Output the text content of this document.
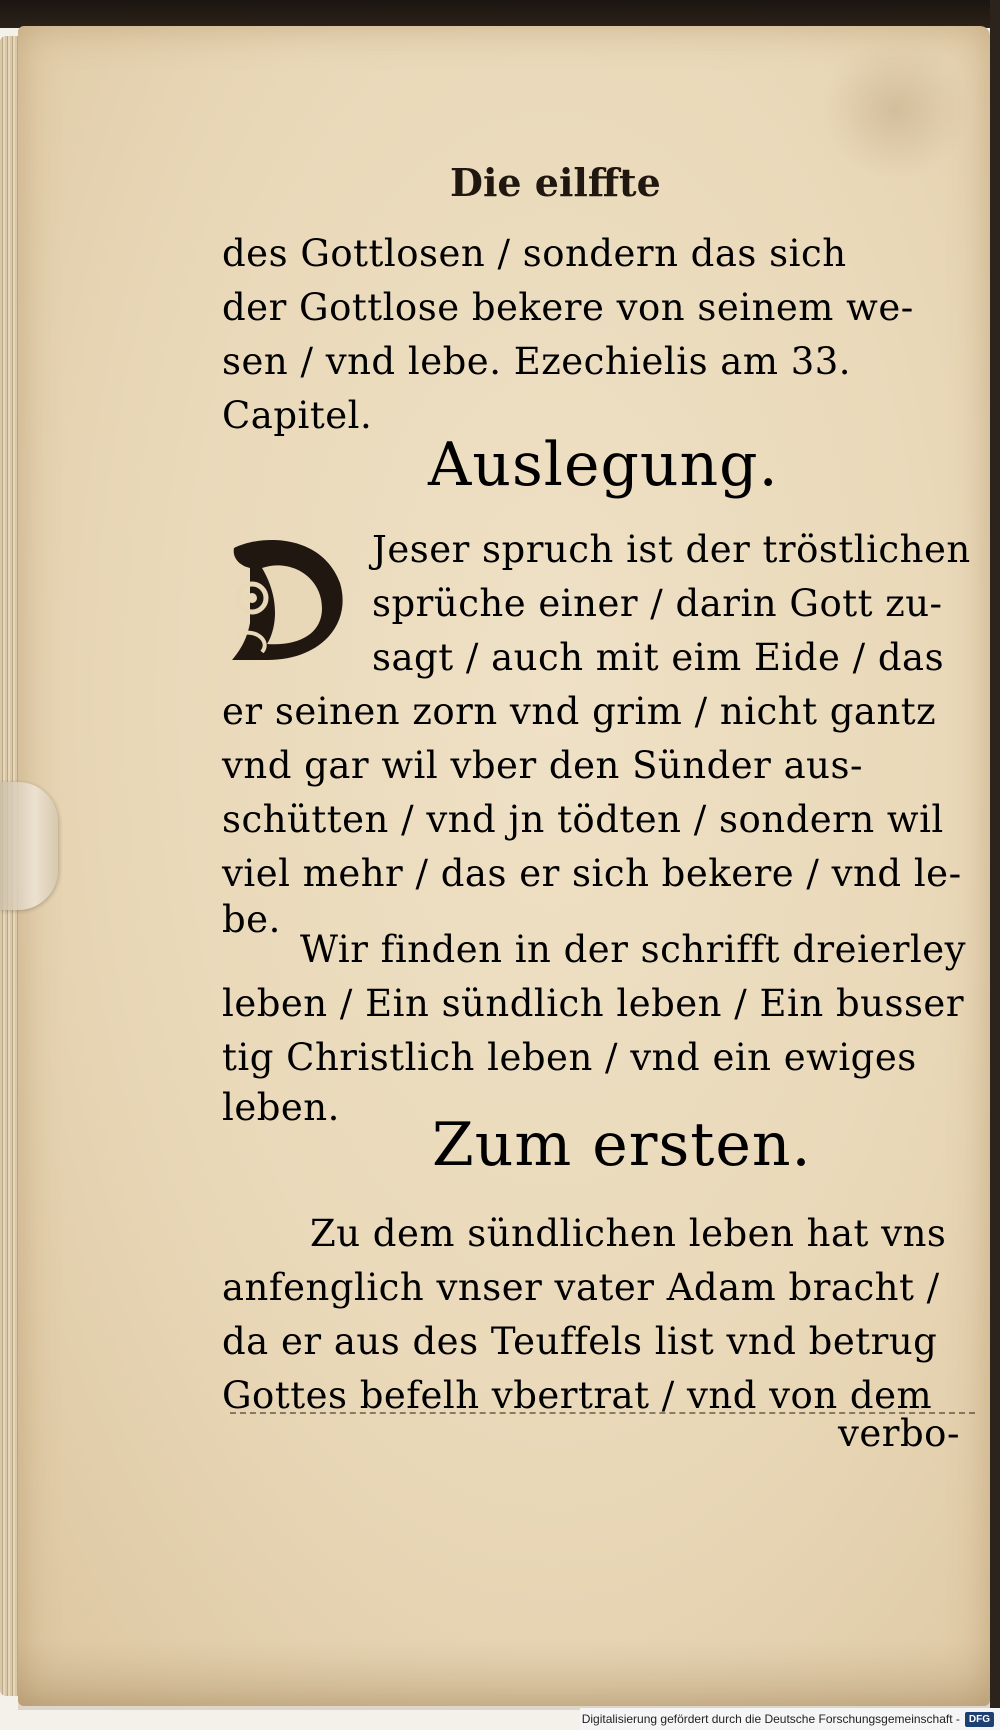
Die eilffte
des Gottlosen / sondern das sich
der Gottlose bekere von seinem we-
sen / vnd lebe. Ezechielis am 33.
Capitel.
Auslegung.
Jeser spruch ist der tröstlichen
sprüche einer / darin Gott zu-
sagt / auch mit eim Eide / das
er seinen zorn vnd grim / nicht gantz
vnd gar wil vber den Sünder aus-
schütten / vnd jn tödten / sondern wil
viel mehr / das er sich bekere / vnd le-
be.
Wir finden in der schrifft dreierley
leben / Ein sündlich leben / Ein busser
tig Christlich leben / vnd ein ewiges
leben.
Zum ersten.
Zu dem sündlichen leben hat vns
anfenglich vnser vater Adam bracht /
da er aus des Teuffels list vnd betrug
Gottes befelh vbertrat / vnd von dem
verbo-
Digitalisierung gefördert durch die Deutsche Forschungsgemeinschaft - DFG
